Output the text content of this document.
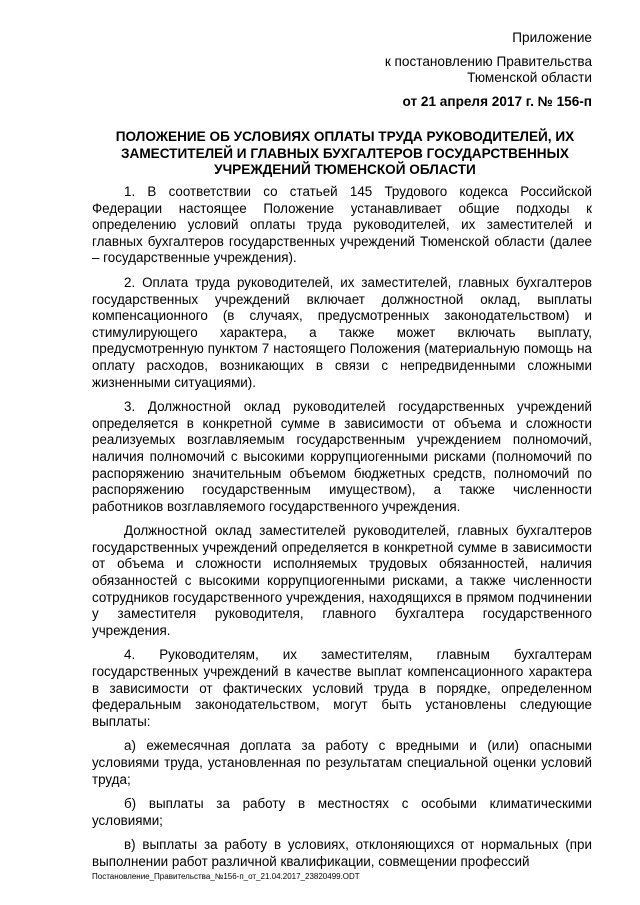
Приложение
к постановлению Правительства
Тюменской области
от 21 апреля 2017 г. № 156-п
ПОЛОЖЕНИЕ ОБ УСЛОВИЯХ ОПЛАТЫ ТРУДА РУКОВОДИТЕЛЕЙ, ИХ ЗАМЕСТИТЕЛЕЙ И ГЛАВНЫХ БУХГАЛТЕРОВ ГОСУДАРСТВЕННЫХ УЧРЕЖДЕНИЙ ТЮМЕНСКОЙ ОБЛАСТИ

1. В соответствии со статьей 145 Трудового кодекса Российской Федерации настоящее Положение устанавливает общие подходы к определению условий оплаты труда руководителей, их заместителей и главных бухгалтеров государственных учреждений Тюменской области (далее – государственные учреждения).

2. Оплата труда руководителей, их заместителей, главных бухгалтеров государственных учреждений включает должностной оклад, выплаты компенсационного (в случаях, предусмотренных законодательством) и стимулирующего характера, а также может включать выплату, предусмотренную пунктом 7 настоящего Положения (материальную помощь на оплату расходов, возникающих в связи с непредвиденными сложными жизненными ситуациями).

3. Должностной оклад руководителей государственных учреждений определяется в конкретной сумме в зависимости от объема и сложности реализуемых возглавляемым государственным учреждением полномочий, наличия полномочий с высокими коррупциогенными рисками (полномочий по распоряжению значительным объемом бюджетных средств, полномочий по распоряжению государственным имуществом), а также численности работников возглавляемого государственного учреждения.

Должностной оклад заместителей руководителей, главных бухгалтеров государственных учреждений определяется в конкретной сумме в зависимости от объема и сложности исполняемых трудовых обязанностей, наличия обязанностей с высокими коррупциогенными рисками, а также численности сотрудников государственного учреждения, находящихся в прямом подчинении у заместителя руководителя, главного бухгалтера государственного учреждения.

4. Руководителям, их заместителям, главным бухгалтерам государственных учреждений в качестве выплат компенсационного характера в зависимости от фактических условий труда в порядке, определенном федеральным законодательством, могут быть установлены следующие выплаты:

а) ежемесячная доплата за работу с вредными и (или) опасными условиями труда, установленная по результатам специальной оценки условий труда;

б) выплаты за работу в местностях с особыми климатическими условиями;

в) выплаты за работу в условиях, отклоняющихся от нормальных (при выполнении работ различной квалификации, совмещении профессий

Постановление_Правительства_№156-п_от_21.04.2017_23820499.ODT
